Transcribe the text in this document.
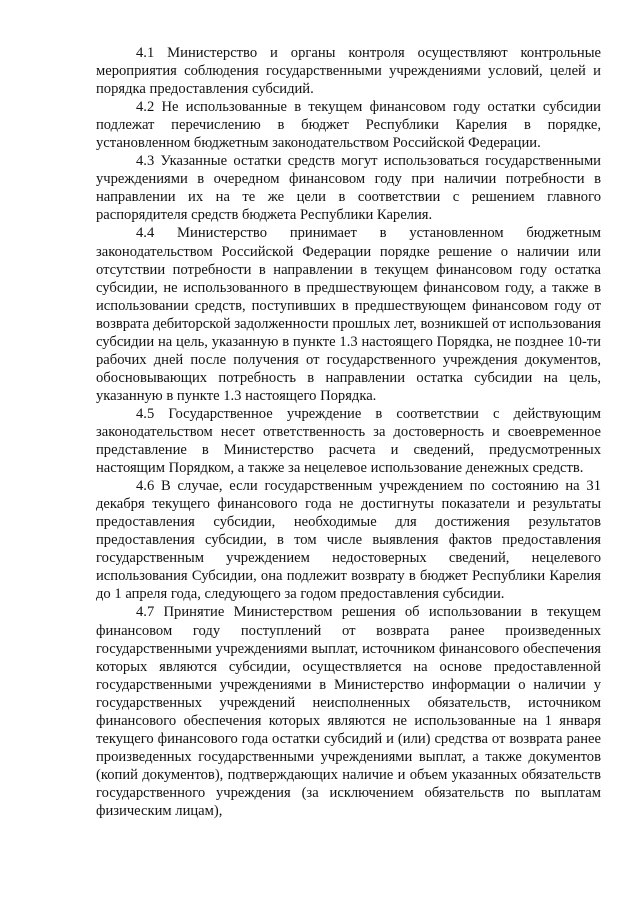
4.1 Министерство и органы контроля осуществляют контрольные мероприятия соблюдения государственными учреждениями условий, целей и порядка предоставления субсидий.

4.2 Не использованные в текущем финансовом году остатки субсидии подлежат перечислению в бюджет Республики Карелия в порядке, установленном бюджетным законодательством Российской Федерации.

4.3 Указанные остатки средств могут использоваться государственными учреждениями в очередном финансовом году при наличии потребности в направлении их на те же цели в соответствии с решением главного распорядителя средств бюджета Республики Карелия.

4.4 Министерство принимает в установленном бюджетным законодательством Российской Федерации порядке решение о наличии или отсутствии потребности в направлении в текущем финансовом году остатка субсидии, не использованного в предшествующем финансовом году, а также в использовании средств, поступивших в предшествующем финансовом году от возврата дебиторской задолженности прошлых лет, возникшей от использования субсидии на цель, указанную в пункте 1.3 настоящего Порядка, не позднее 10-ти рабочих дней после получения от государственного учреждения документов, обосновывающих потребность в направлении остатка субсидии на цель, указанную в пункте 1.3 настоящего Порядка.

4.5 Государственное учреждение в соответствии с действующим законодательством несет ответственность за достоверность и своевременное представление в Министерство расчета и сведений, предусмотренных настоящим Порядком, а также за нецелевое использование денежных средств.

4.6 В случае, если государственным учреждением по состоянию на 31 декабря текущего финансового года не достигнуты показатели и результаты предоставления субсидии, необходимые для достижения результатов предоставления субсидии, в том числе выявления фактов предоставления государственным учреждением недостоверных сведений, нецелевого использования Субсидии, она подлежит возврату в бюджет Республики Карелия до 1 апреля года, следующего за годом предоставления субсидии.

4.7 Принятие Министерством решения об использовании в текущем финансовом году поступлений от возврата ранее произведенных государственными учреждениями выплат, источником финансового обеспечения которых являются субсидии, осуществляется на основе предоставленной государственными учреждениями в Министерство информации о наличии у государственных учреждений неисполненных обязательств, источником финансового обеспечения которых являются не использованные на 1 января текущего финансового года остатки субсидий и (или) средства от возврата ранее произведенных государственными учреждениями выплат, а также документов (копий документов), подтверждающих наличие и объем указанных обязательств государственного учреждения (за исключением обязательств по выплатам физическим лицам),
